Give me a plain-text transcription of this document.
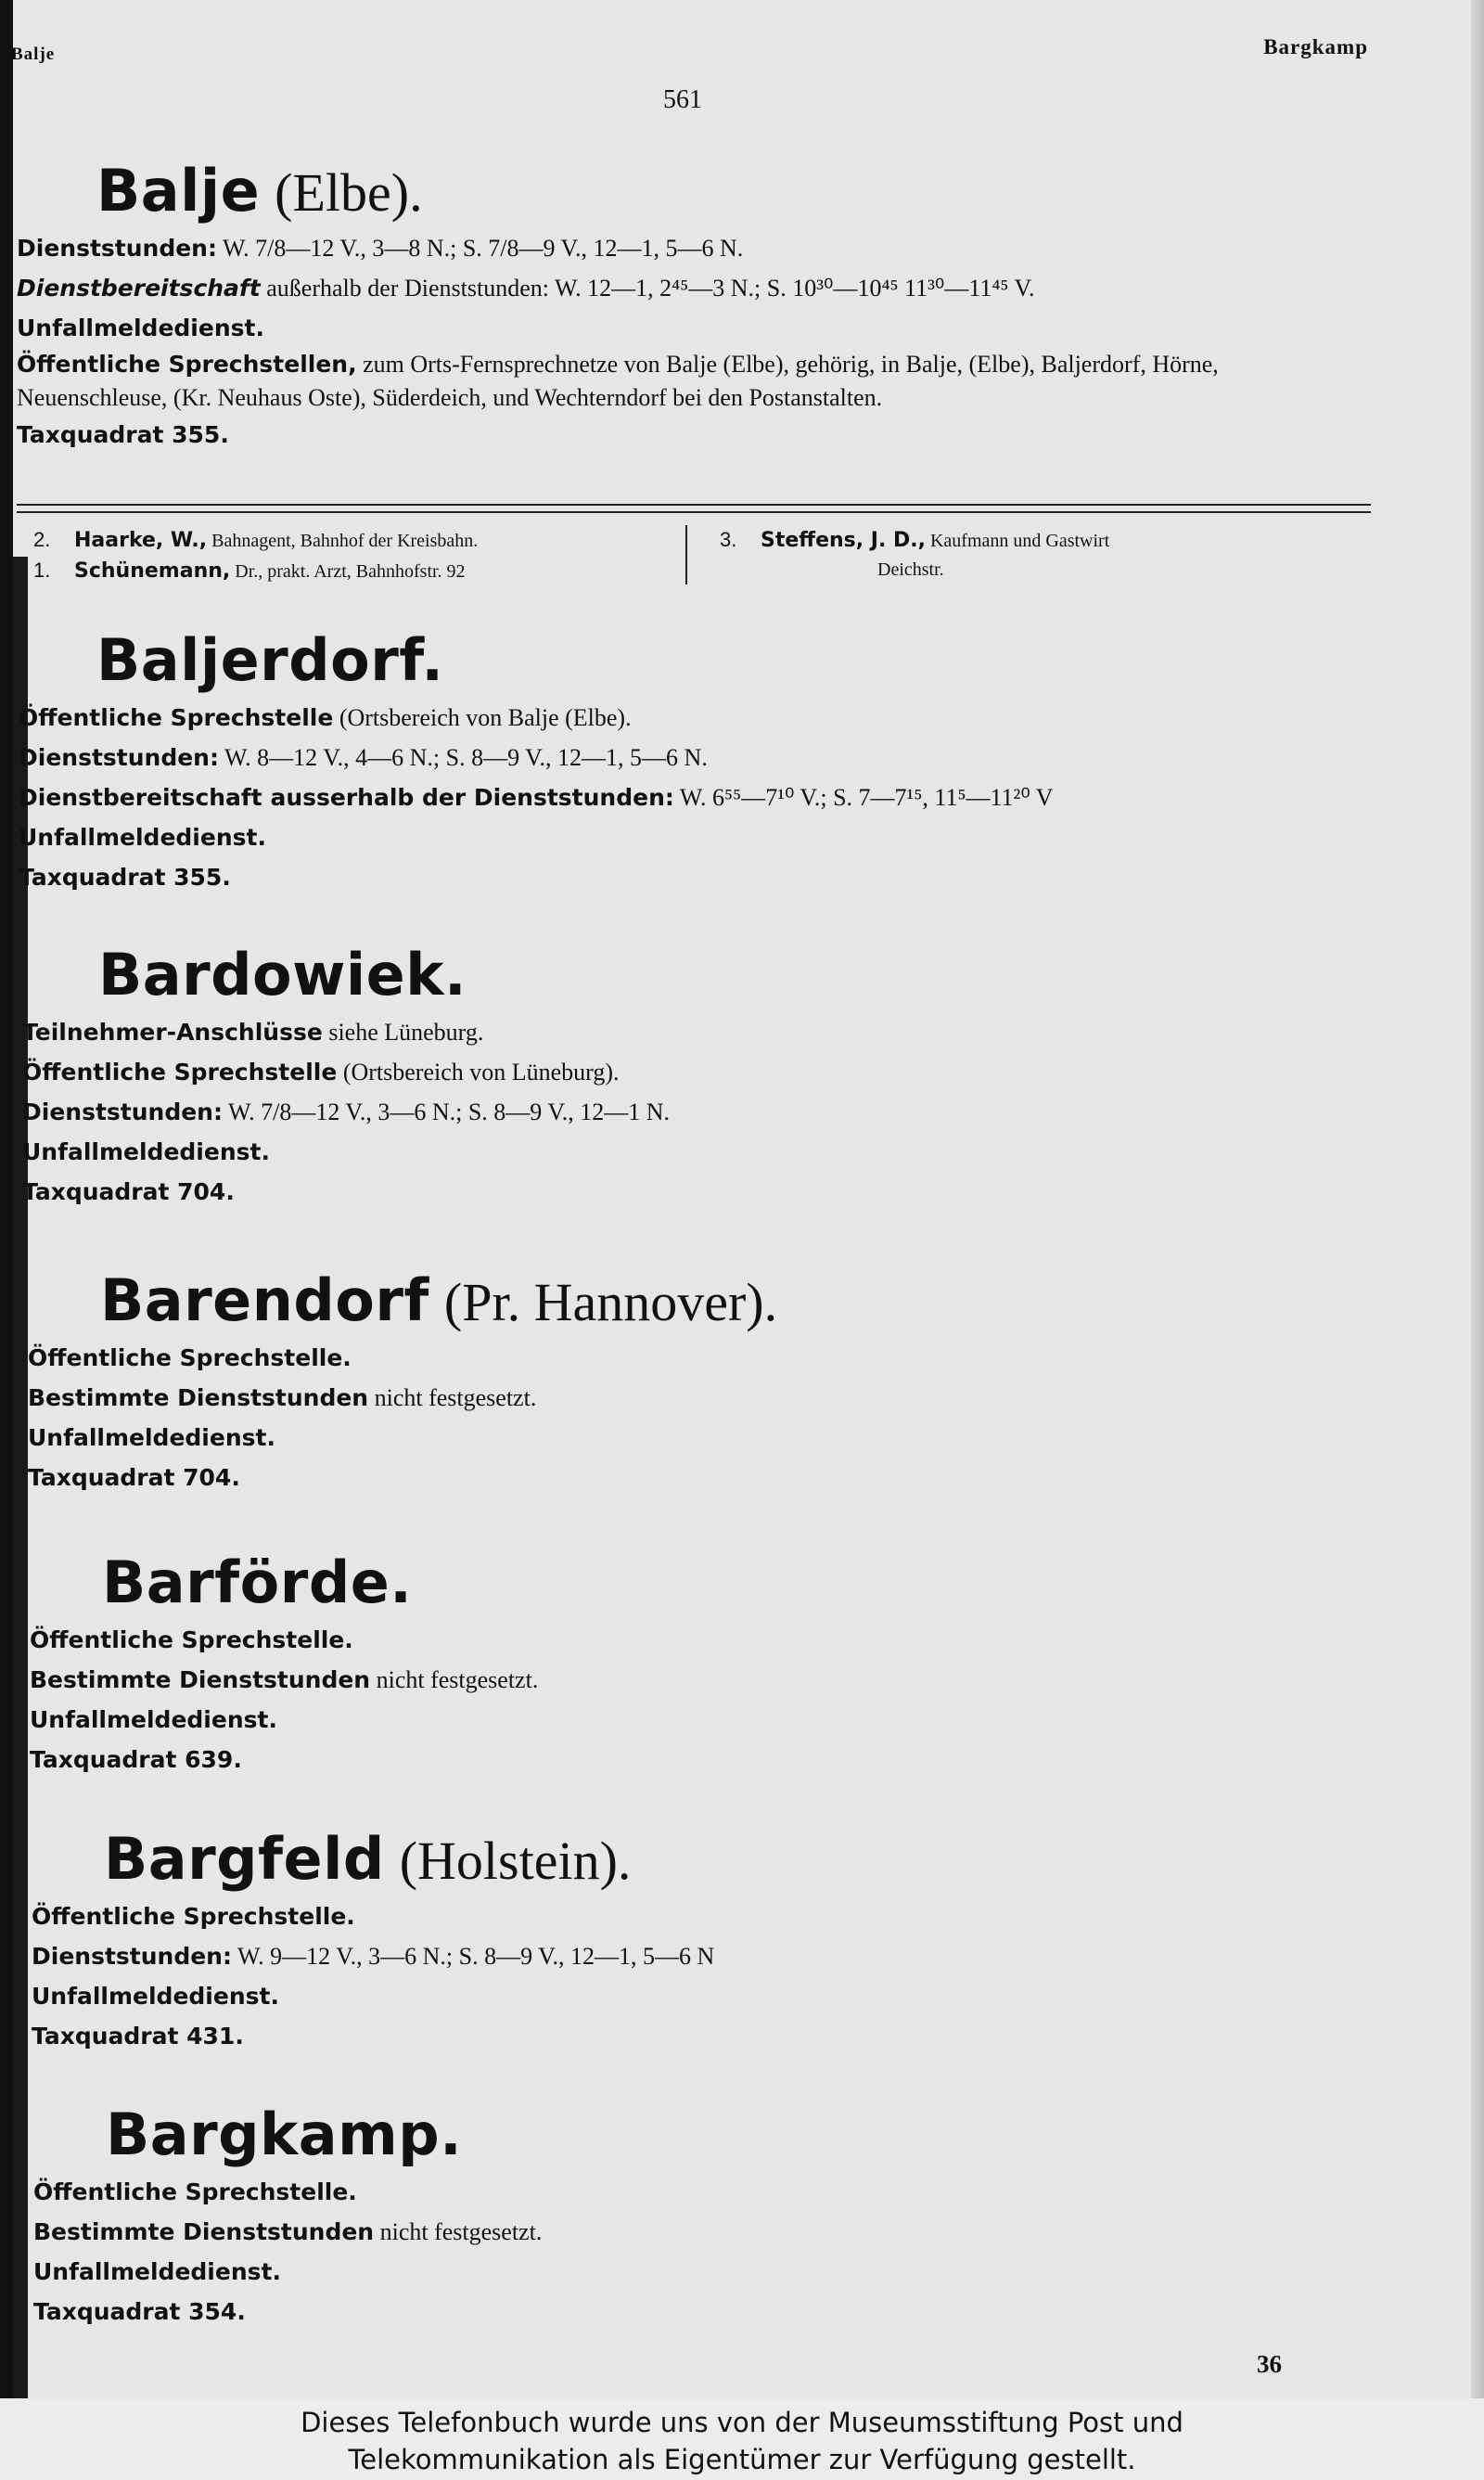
Balje	Bargkamp
561
Balje (Elbe).
Dienststunden: W. 7/8—12 V., 3—8 N.; S. 7/8—9 V., 12—1, 5—6 N.
Dienstbereitschaft außerhalb der Dienststunden: W. 12—1, 2⁴⁵—3 N.; S. 10³⁰—10⁴⁵ 11³⁰—11⁴⁵ V.
Unfallmeldedienst.
Öffentliche Sprechstellen, zum Orts-Fernsprechnetze von Balje (Elbe), gehörig, in Balje, (Elbe), Baljerdorf, Hörne, Neuenschleuse, (Kr. Neuhaus Oste), Süderdeich, und Wechterndorf bei den Postanstalten.
Taxquadrat 355.
2. Haarke, W., Bahnagent, Bahnhof der Kreisbahn.
1. Schünemann, Dr., prakt. Arzt, Bahnhofstr. 92
3. Steffens, J. D., Kaufmann und Gastwirt
Deichstr.
Baljerdorf.
Öffentliche Sprechstelle (Ortsbereich von Balje (Elbe).
Dienststunden: W. 8—12 V., 4—6 N.; S. 8—9 V., 12—1, 5—6 N.
Dienstbereitschaft ausserhalb der Dienststunden: W. 6⁵⁵—7¹⁰ V.; S. 7—7¹⁵, 11⁵—11²⁰ V
Unfallmeldedienst.
Taxquadrat 355.
Bardowiek.
Teilnehmer-Anschlüsse siehe Lüneburg.
Öffentliche Sprechstelle (Ortsbereich von Lüneburg).
Dienststunden: W. 7/8—12 V., 3—6 N.; S. 8—9 V., 12—1 N.
Unfallmeldedienst.
Taxquadrat 704.
Barendorf (Pr. Hannover).
Öffentliche Sprechstelle.
Bestimmte Dienststunden nicht festgesetzt.
Unfallmeldedienst.
Taxquadrat 704.
Barförde.
Öffentliche Sprechstelle.
Bestimmte Dienststunden nicht festgesetzt.
Unfallmeldedienst.
Taxquadrat 639.
Bargfeld (Holstein).
Öffentliche Sprechstelle.
Dienststunden: W. 9—12 V., 3—6 N.; S. 8—9 V., 12—1, 5—6 N
Unfallmeldedienst.
Taxquadrat 431.
Bargkamp.
Öffentliche Sprechstelle.
Bestimmte Dienststunden nicht festgesetzt.
Unfallmeldedienst.
Taxquadrat 354.
36
Dieses Telefonbuch wurde uns von der Museumsstiftung Post und
Telekommunikation als Eigentümer zur Verfügung gestellt.
